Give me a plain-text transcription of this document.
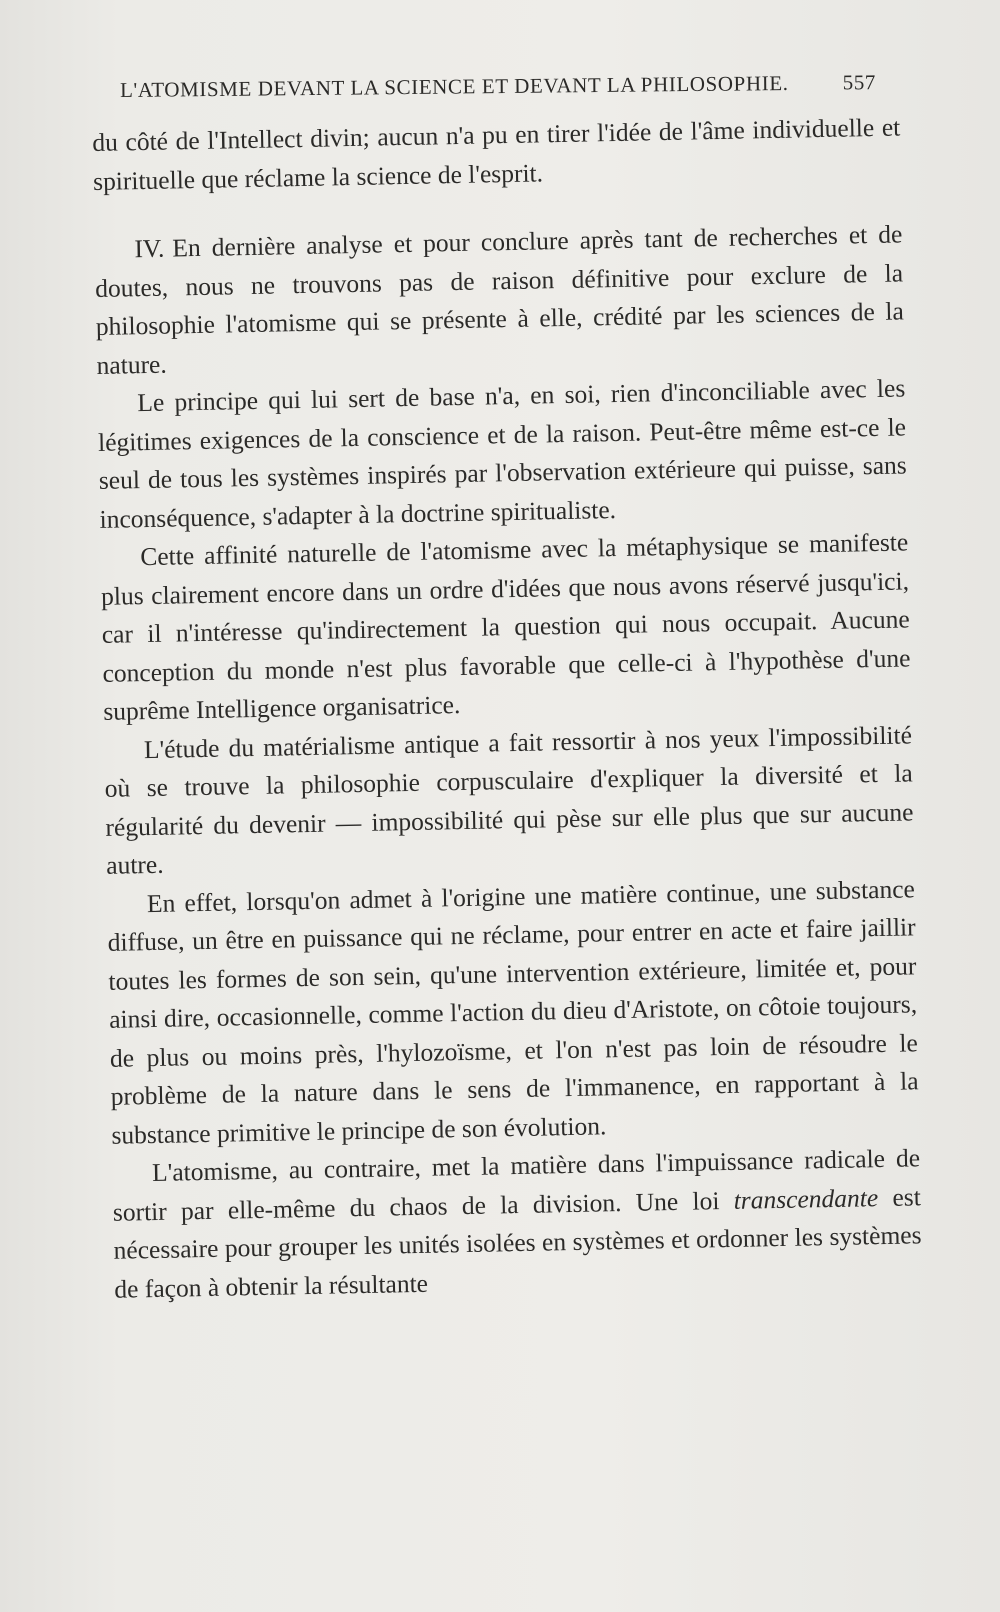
L'ATOMISME DEVANT LA SCIENCE ET DEVANT LA PHILOSOPHIE.	557

du côté de l'Intellect divin; aucun n'a pu en tirer l'idée de l'âme individuelle et spirituelle que réclame la science de l'esprit.

IV. En dernière analyse et pour conclure après tant de recherches et de doutes, nous ne trouvons pas de raison définitive pour exclure de la philosophie l'atomisme qui se présente à elle, crédité par les sciences de la nature.

Le principe qui lui sert de base n'a, en soi, rien d'inconciliable avec les légitimes exigences de la conscience et de la raison. Peut-être même est-ce le seul de tous les systèmes inspirés par l'observation extérieure qui puisse, sans inconséquence, s'adapter à la doctrine spiritualiste.

Cette affinité naturelle de l'atomisme avec la métaphysique se manifeste plus clairement encore dans un ordre d'idées que nous avons réservé jusqu'ici, car il n'intéresse qu'indirectement la question qui nous occupait. Aucune conception du monde n'est plus favorable que celle-ci à l'hypothèse d'une suprême Intelligence organisatrice.

L'étude du matérialisme antique a fait ressortir à nos yeux l'impossibilité où se trouve la philosophie corpusculaire d'expliquer la diversité et la régularité du devenir — impossibilité qui pèse sur elle plus que sur aucune autre.

En effet, lorsqu'on admet à l'origine une matière continue, une substance diffuse, un être en puissance qui ne réclame, pour entrer en acte et faire jaillir toutes les formes de son sein, qu'une intervention extérieure, limitée et, pour ainsi dire, occasionnelle, comme l'action du dieu d'Aristote, on côtoie toujours, de plus ou moins près, l'hylozoïsme, et l'on n'est pas loin de résoudre le problème de la nature dans le sens de l'immanence, en rapportant à la substance primitive le principe de son évolution.

L'atomisme, au contraire, met la matière dans l'impuissance radicale de sortir par elle-même du chaos de la division. Une loi transcendante est nécessaire pour grouper les unités isolées en systèmes et ordonner les systèmes de façon à obtenir la résultante
